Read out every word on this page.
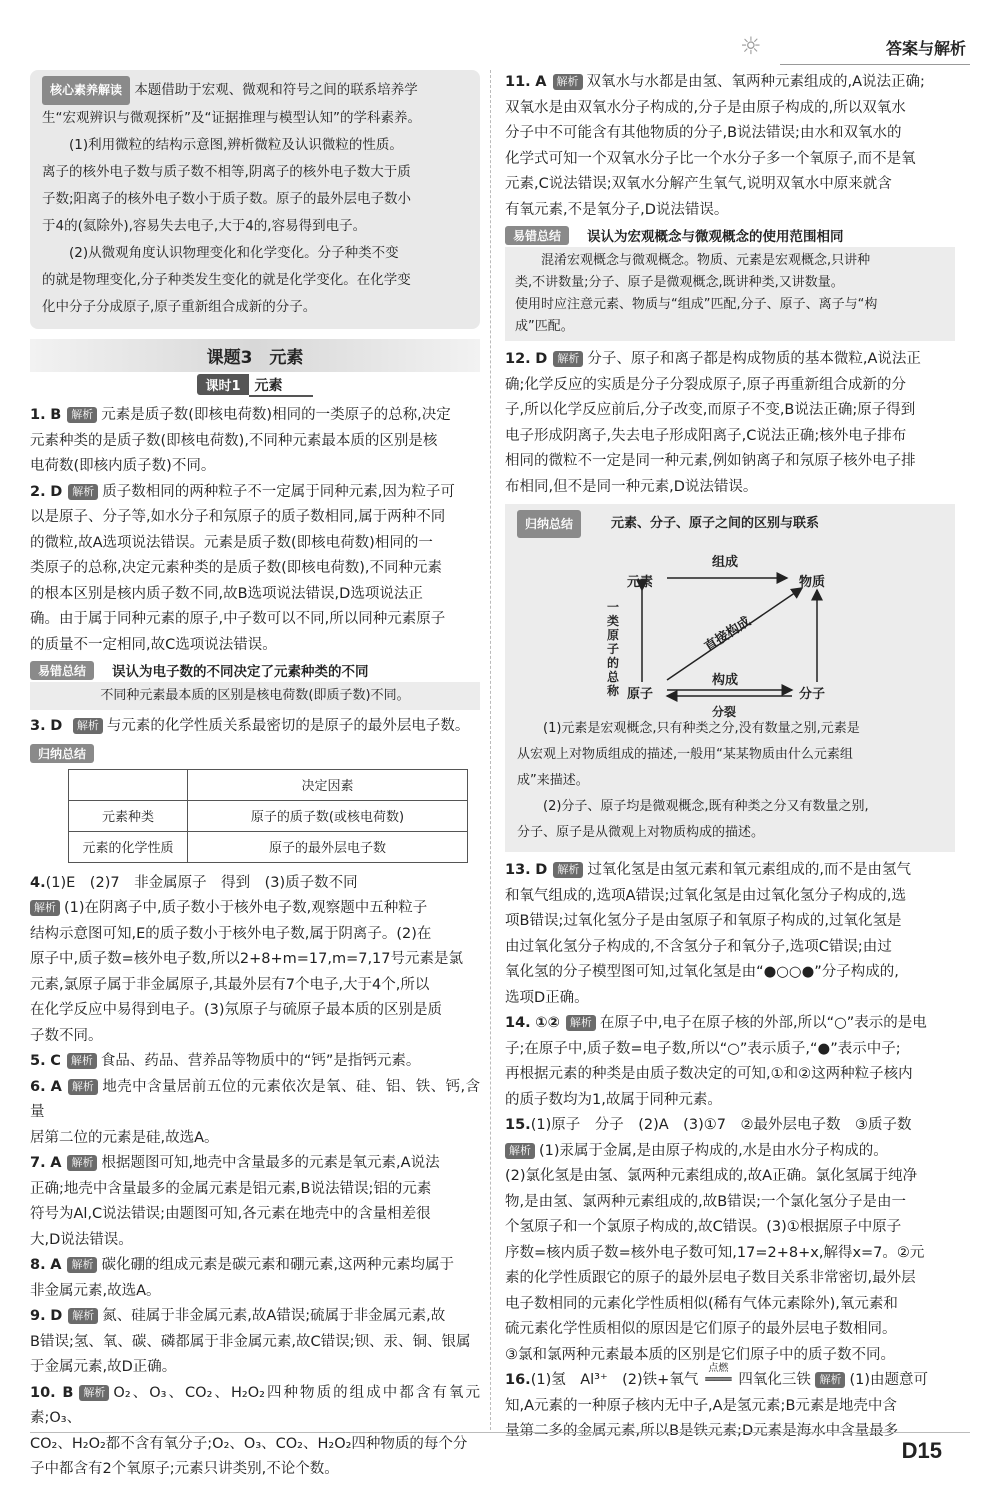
☼	答案与解析

核心素养解读 本题借助于宏观、微观和符号之间的联系培养学

生“宏观辨识与微观探析”及“证据推理与模型认知”的学科素养。

(1)利用微粒的结构示意图,辨析微粒及认识微粒的性质。

离子的核外电子数与质子数不相等,阴离子的核外电子数大于质

子数;阳离子的核外电子数小于质子数。原子的最外层电子数小

于4的(氦除外),容易失去电子,大于4的,容易得到电子。

(2)从微观角度认识物理变化和化学变化。分子种类不变

的就是物理变化,分子种类发生变化的就是化学变化。在化学变

化中分子分成原子,原子重新组合成新的分子。

课题3　元素
课时1 元素

1. B 解析 元素是质子数(即核电荷数)相同的一类原子的总称,决定

元素种类的是质子数(即核电荷数),不同种元素最本质的区别是核

电荷数(即核内质子数)不同。

2. D 解析 质子数相同的两种粒子不一定属于同种元素,因为粒子可

以是原子、分子等,如水分子和氖原子的质子数相同,属于两种不同

的微粒,故A选项说法错误。元素是质子数(即核电荷数)相同的一

类原子的总称,决定元素种类的是质子数(即核电荷数),不同种元素

的根本区别是核内质子数不同,故B选项说法错误,D选项说法正

确。由于属于同种元素的原子,中子数可以不同,所以同种元素原子

的质量不一定相同,故C选项说法错误。

易错总结	误认为电子数的不同决定了元素种类的不同
不同种元素最本质的区别是核电荷数(即质子数)不同。
3. D 解析 与元素的化学性质关系最密切的是原子的最外层电子数。
归纳总结
	决定因素
元素种类	原子的质子数(或核电荷数)
元素的化学性质	原子的最外层电子数

4.(1)E　(2)7　非金属原子　得到　(3)质子数不同

解析 (1)在阴离子中,质子数小于核外电子数,观察题中五种粒子

结构示意图可知,E的质子数小于核外电子数,属于阴离子。(2)在

原子中,质子数=核外电子数,所以2+8+m=17,m=7,17号元素是氯

元素,氯原子属于非金属原子,其最外层有7个电子,大于4个,所以

在化学反应中易得到电子。(3)氖原子与硫原子最本质的区别是质

子数不同。

5. C 解析 食品、药品、营养品等物质中的“钙”是指钙元素。

6. A 解析 地壳中含量居前五位的元素依次是氧、硅、铝、铁、钙,含量

居第二位的元素是硅,故选A。

7. A 解析 根据题图可知,地壳中含量最多的元素是氧元素,A说法

正确;地壳中含量最多的金属元素是铝元素,B说法错误;铝的元素

符号为Al,C说法错误;由题图可知,各元素在地壳中的含量相差很

大,D说法错误。

8. A 解析 碳化硼的组成元素是碳元素和硼元素,这两种元素均属于

非金属元素,故选A。

9. D 解析 氮、硅属于非金属元素,故A错误;硫属于非金属元素,故

B错误;氢、氧、碳、磷都属于非金属元素,故C错误;钡、汞、铜、银属

于金属元素,故D正确。

10. B 解析 O₂、O₃、CO₂、H₂O₂四种物质的组成中都含有氧元素;O₃、

CO₂、H₂O₂都不含有氧分子;O₂、O₃、CO₂、H₂O₂四种物质的每个分

子中都含有2个氧原子;元素只讲类别,不论个数。

11. A 解析 双氧水与水都是由氢、氧两种元素组成的,A说法正确;

双氧水是由双氧水分子构成的,分子是由原子构成的,所以双氧水

分子中不可能含有其他物质的分子,B说法错误;由水和双氧水的

化学式可知一个双氧水分子比一个水分子多一个氧原子,而不是氧

元素,C说法错误;双氧水分解产生氧气,说明双氧水中原来就含

有氧元素,不是氧分子,D说法错误。

易错总结	误认为宏观概念与微观概念的使用范围相同

混淆宏观概念与微观概念。物质、元素是宏观概念,只讲种

类,不讲数量;分子、原子是微观概念,既讲种类,又讲数量。

使用时应注意元素、物质与“组成”匹配,分子、原子、离子与“构

成”匹配。

12. D 解析 分子、原子和离子都是构成物质的基本微粒,A说法正

确;化学反应的实质是分子分裂成原子,原子再重新组合成新的分

子,所以化学反应前后,分子改变,而原子不变,B说法正确;原子得到

电子形成阴离子,失去电子形成阳离子,C说法正确;核外电子排布

相同的微粒不一定是同一种元素,例如钠离子和氖原子核外电子排

布相同,但不是同一种元素,D说法错误。

归纳总结	元素、分子、原子之间的区别与联系
元素	物质
组成
原子	分子
构成
分裂
直接构成
一类原子的总称

(1)元素是宏观概念,只有种类之分,没有数量之别,元素是

从宏观上对物质组成的描述,一般用“某某物质由什么元素组

成”来描述。

(2)分子、原子均是微观概念,既有种类之分又有数量之别,

分子、原子是从微观上对物质构成的描述。

13. D 解析 过氧化氢是由氢元素和氧元素组成的,而不是由氢气

和氧气组成的,选项A错误;过氧化氢是由过氧化氢分子构成的,选

项B错误;过氧化氢分子是由氢原子和氧原子构成的,过氧化氢是

由过氧化氢分子构成的,不含氢分子和氧分子,选项C错误;由过

氧化氢的分子模型图可知,过氧化氢是由“●○○●”分子构成的,

选项D正确。

14. ①② 解析 在原子中,电子在原子核的外部,所以“○”表示的是电

子;在原子中,质子数=电子数,所以“○”表示质子,“●”表示中子;

再根据元素的种类是由质子数决定的可知,①和②这两种粒子核内

的质子数均为1,故属于同种元素。

15.(1)原子　分子　(2)A　(3)①7　②最外层电子数　③质子数

解析 (1)汞属于金属,是由原子构成的,水是由水分子构成的。

(2)氯化氢是由氢、氯两种元素组成的,故A正确。氯化氢属于纯净

物,是由氢、氯两种元素组成的,故B错误;一个氯化氢分子是由一

个氢原子和一个氯原子构成的,故C错误。(3)①根据原子中原子

序数=核内质子数=核外电子数可知,17=2+8+x,解得x=7。②元

素的化学性质跟它的原子的最外层电子数目关系非常密切,最外层

电子数相同的元素化学性质相似(稀有气体元素除外),氧元素和

硫元素化学性质相似的原因是它们原子的最外层电子数相同。

③氯和氯两种元素最本质的区别是它们原子中的质子数不同。

16.(1)氢　Al³⁺　(2)铁+氧气
点燃
═══ 四氧化三铁 解析 (1)由题意可

知,A元素的一种原子核内无中子,A是氢元素;B元素是地壳中含

量第二多的金属元素,所以B是铁元素;D元素是海水中含量最多

D15
